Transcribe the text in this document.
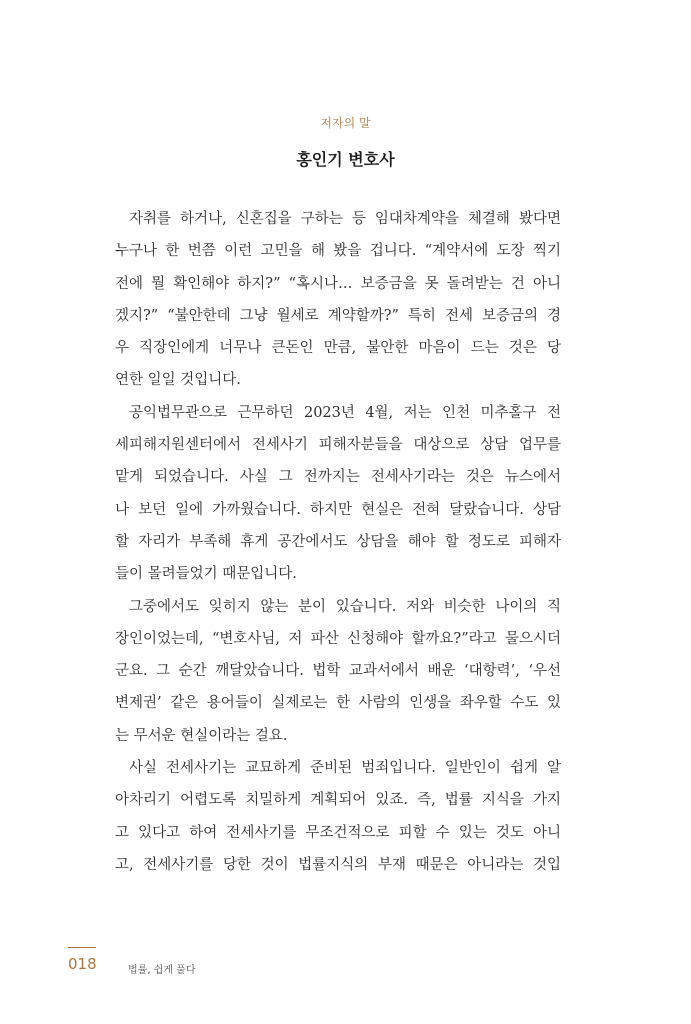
저자의 말
홍인기 변호사
자취를 하거나, 신혼집을 구하는 등 임대차계약을 체결해 봤다면
누구나 한 번쯤 이런 고민을 해 봤을 겁니다. “계약서에 도장 찍기
전에 뭘 확인해야 하지?” “혹시나… 보증금을 못 돌려받는 건 아니
겠지?” “불안한데 그냥 월세로 계약할까?” 특히 전세 보증금의 경
우 직장인에게 너무나 큰돈인 만큼, 불안한 마음이 드는 것은 당
연한 일일 것입니다.
공익법무관으로 근무하던 2023년 4월, 저는 인천 미추홀구 전
세피해지원센터에서 전세사기 피해자분들을 대상으로 상담 업무를
맡게 되었습니다. 사실 그 전까지는 전세사기라는 것은 뉴스에서
나 보던 일에 가까웠습니다. 하지만 현실은 전혀 달랐습니다. 상담
할 자리가 부족해 휴게 공간에서도 상담을 해야 할 정도로 피해자
들이 몰려들었기 때문입니다.
그중에서도 잊히지 않는 분이 있습니다. 저와 비슷한 나이의 직
장인이었는데, “변호사님, 저 파산 신청해야 할까요?”라고 물으시더
군요. 그 순간 깨달았습니다. 법학 교과서에서 배운 ‘대항력’, ‘우선
변제권’ 같은 용어들이 실제로는 한 사람의 인생을 좌우할 수도 있
는 무서운 현실이라는 걸요.
사실 전세사기는 교묘하게 준비된 범죄입니다. 일반인이 쉽게 알
아차리기 어렵도록 치밀하게 계획되어 있죠. 즉, 법률 지식을 가지
고 있다고 하여 전세사기를 무조건적으로 피할 수 있는 것도 아니
고, 전세사기를 당한 것이 법률지식의 부재 때문은 아니라는 것입
018	법률, 쉽게 풀다
